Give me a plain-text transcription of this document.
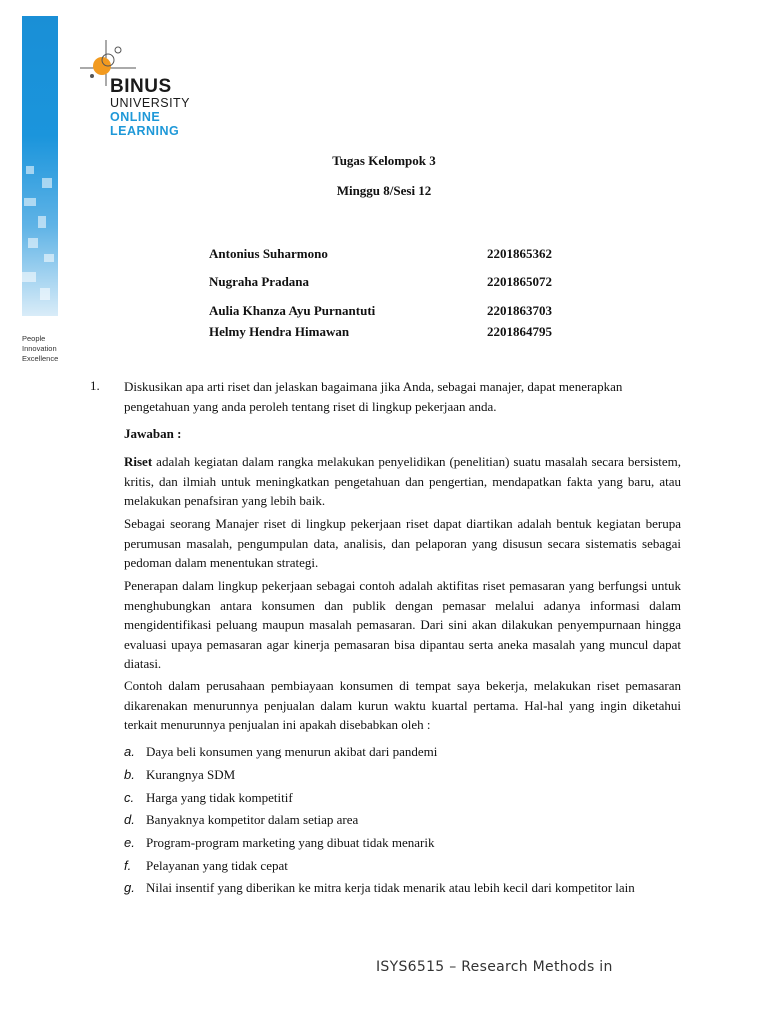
BINUS
UNIVERSITY
ONLINE
LEARNING
People
Innovation
Excellence
Tugas Kelompok 3
Minggu 8/Sesi 12
Antonius Suharmono	2201865362
Nugraha Pradana	2201865072
Aulia Khanza Ayu Purnantuti	2201863703
Helmy Hendra Himawan	2201864795
1. Diskusikan apa arti riset dan jelaskan bagaimana jika Anda, sebagai manajer, dapat menerapkan pengetahuan yang anda peroleh tentang riset di lingkup pekerjaan anda.
Jawaban :

Riset adalah kegiatan dalam rangka melakukan penyelidikan (penelitian) suatu masalah secara bersistem, kritis, dan ilmiah untuk meningkatkan pengetahuan dan pengertian, mendapatkan fakta yang baru, atau melakukan penafsiran yang lebih baik.

Sebagai seorang Manajer riset di lingkup pekerjaan riset dapat diartikan adalah bentuk kegiatan berupa perumusan masalah, pengumpulan data, analisis, dan pelaporan yang disusun secara sistematis sebagai pedoman dalam menentukan strategi.

Penerapan dalam lingkup pekerjaan sebagai contoh adalah aktifitas riset pemasaran yang berfungsi untuk menghubungkan antara konsumen dan publik dengan pemasar melalui adanya informasi dalam mengidentifikasi peluang maupun masalah pemasaran. Dari sini akan dilakukan penyempurnaan hingga evaluasi upaya pemasaran agar kinerja pemasaran bisa dipantau serta aneka masalah yang muncul dapat diatasi.

Contoh dalam perusahaan pembiayaan konsumen di tempat saya bekerja, melakukan riset pemasaran dikarenakan menurunnya penjualan dalam kurun waktu kuartal pertama. Hal-hal yang ingin diketahui terkait menurunnya penjualan ini apakah disebabkan oleh :

a. Daya beli konsumen yang menurun akibat dari pandemi
b. Kurangnya SDM
c. Harga yang tidak kompetitif
d. Banyaknya kompetitor dalam setiap area
e. Program-program marketing yang dibuat tidak menarik
f. Pelayanan yang tidak cepat
g. Nilai insentif yang diberikan ke mitra kerja tidak menarik atau lebih kecil dari kompetitor lain
ISYS6515 – Research Methods in
